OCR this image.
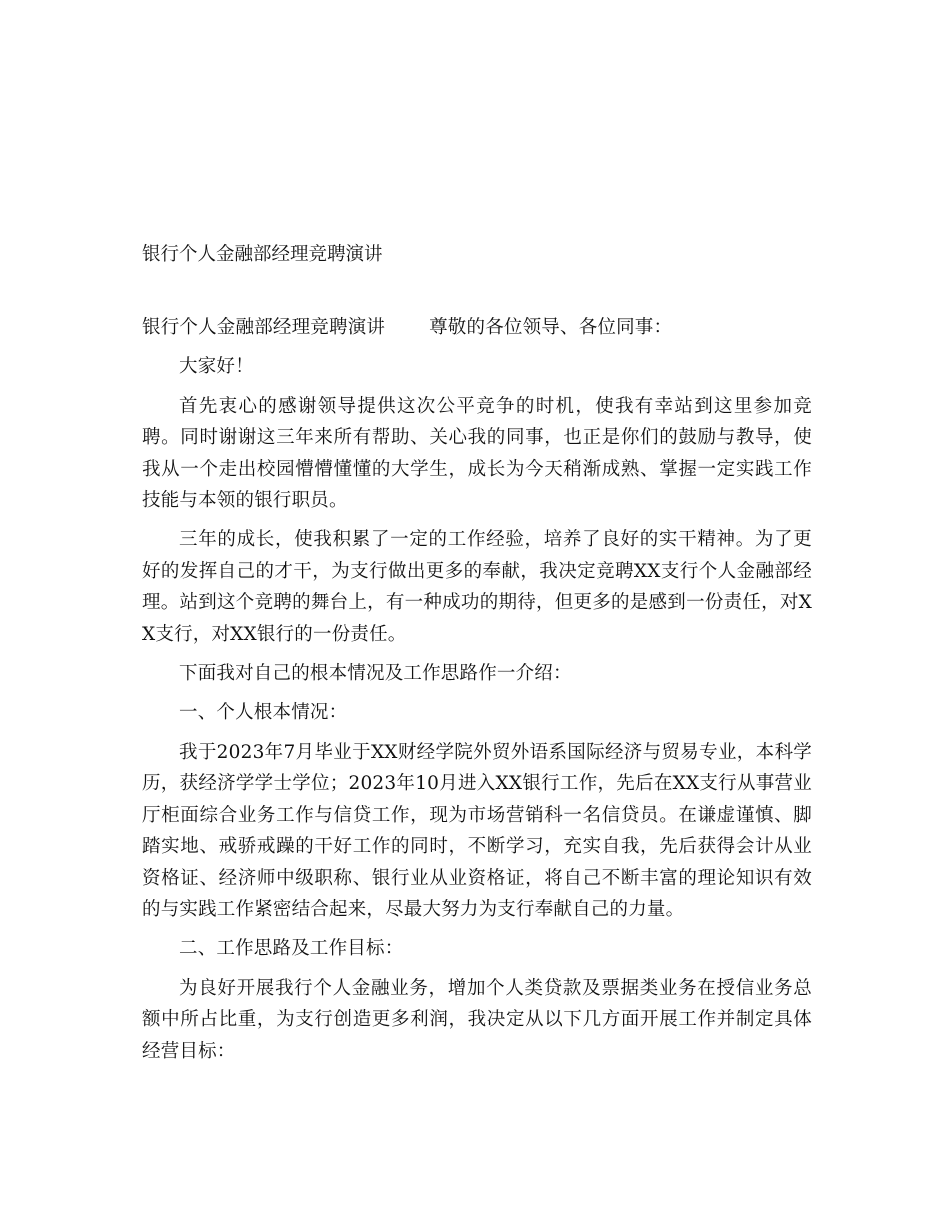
银行个人金融部经理竞聘演讲

银行个人金融部经理竞聘演讲 尊敬的各位领导、各位同事：

大家好！

首先衷心的感谢领导提供这次公平竞争的时机，使我有幸站到这里参加竞聘。同时谢谢这三年来所有帮助、关心我的同事，也正是你们的鼓励与教导，使我从一个走出校园懵懵懂懂的大学生，成长为今天稍渐成熟、掌握一定实践工作技能与本领的银行职员。

三年的成长，使我积累了一定的工作经验，培养了良好的实干精神。为了更好的发挥自己的才干，为支行做出更多的奉献，我决定竞聘XX支行个人金融部经理。站到这个竞聘的舞台上，有一种成功的期待，但更多的是感到一份责任，对XX支行，对XX银行的一份责任。

下面我对自己的根本情况及工作思路作一介绍：

一、个人根本情况：

我于2023年7月毕业于XX财经学院外贸外语系国际经济与贸易专业，本科学历，获经济学学士学位；2023年10月进入XX银行工作，先后在XX支行从事营业厅柜面综合业务工作与信贷工作，现为市场营销科一名信贷员。在谦虚谨慎、脚踏实地、戒骄戒躁的干好工作的同时，不断学习，充实自我，先后获得会计从业资格证、经济师中级职称、银行业从业资格证，将自己不断丰富的理论知识有效的与实践工作紧密结合起来，尽最大努力为支行奉献自己的力量。

二、工作思路及工作目标：

为良好开展我行个人金融业务，增加个人类贷款及票据类业务在授信业务总额中所占比重，为支行创造更多利润，我决定从以下几方面开展工作并制定具体经营目标：
